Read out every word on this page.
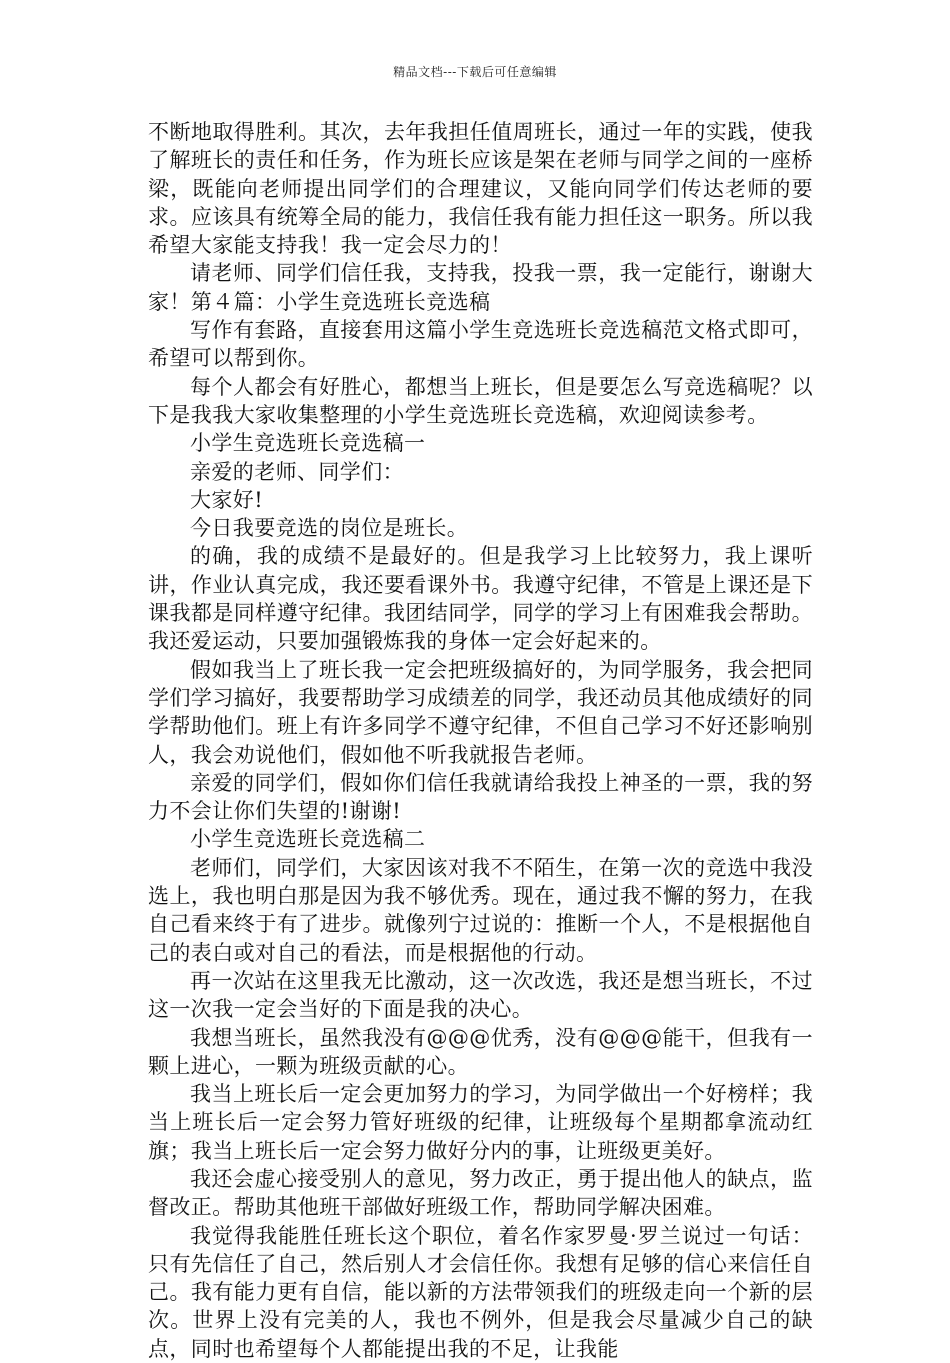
精品文档---下载后可任意编辑

不断地取得胜利。其次，去年我担任值周班长，通过一年的实践，使我了解班长的责任和任务，作为班长应该是架在老师与同学之间的一座桥梁，既能向老师提出同学们的合理建议，又能向同学们传达老师的要求。应该具有统筹全局的能力，我信任我有能力担任这一职务。所以我希望大家能支持我！我一定会尽力的！

请老师、同学们信任我，支持我，投我一票，我一定能行，谢谢大家！第４篇：小学生竞选班长竞选稿

写作有套路，直接套用这篇小学生竞选班长竞选稿范文格式即可，希望可以帮到你。

每个人都会有好胜心，都想当上班长，但是要怎么写竞选稿呢？以下是我我大家收集整理的小学生竞选班长竞选稿，欢迎阅读参考。

小学生竞选班长竞选稿一

亲爱的老师、同学们：

大家好!

今日我要竞选的岗位是班长。

的确，我的成绩不是最好的。但是我学习上比较努力，我上课听讲，作业认真完成，我还要看课外书。我遵守纪律，不管是上课还是下课我都是同样遵守纪律。我团结同学，同学的学习上有困难我会帮助。我还爱运动，只要加强锻炼我的身体一定会好起来的。

假如我当上了班长我一定会把班级搞好的，为同学服务，我会把同学们学习搞好，我要帮助学习成绩差的同学，我还动员其他成绩好的同学帮助他们。班上有许多同学不遵守纪律，不但自己学习不好还影响别人，我会劝说他们，假如他不听我就报告老师。

亲爱的同学们，假如你们信任我就请给我投上神圣的一票，我的努力不会让你们失望的!谢谢!

小学生竞选班长竞选稿二

老师们，同学们，大家因该对我不不陌生，在第一次的竞选中我没选上，我也明白那是因为我不够优秀。现在，通过我不懈的努力，在我自己看来终于有了进步。就像列宁过说的：推断一个人，不是根据他自己的表白或对自己的看法，而是根据他的行动。

再一次站在这里我无比激动，这一次改选，我还是想当班长，不过这一次我一定会当好的下面是我的决心。

我想当班长，虽然我没有@@@优秀，没有@@@能干，但我有一颗上进心，一颗为班级贡献的心。

我当上班长后一定会更加努力的学习，为同学做出一个好榜样；我当上班长后一定会努力管好班级的纪律，让班级每个星期都拿流动红旗；我当上班长后一定会努力做好分内的事，让班级更美好。

我还会虚心接受别人的意见，努力改正，勇于提出他人的缺点，监督改正。帮助其他班干部做好班级工作，帮助同学解决困难。

我觉得我能胜任班长这个职位，着名作家罗曼·罗兰说过一句话：只有先信任了自己，然后别人才会信任你。我想有足够的信心来信任自己。我有能力更有自信，能以新的方法带领我们的班级走向一个新的层次。世界上没有完美的人，我也不例外，但是我会尽量减少自己的缺点，同时也希望每个人都能提出我的不足，让我能
